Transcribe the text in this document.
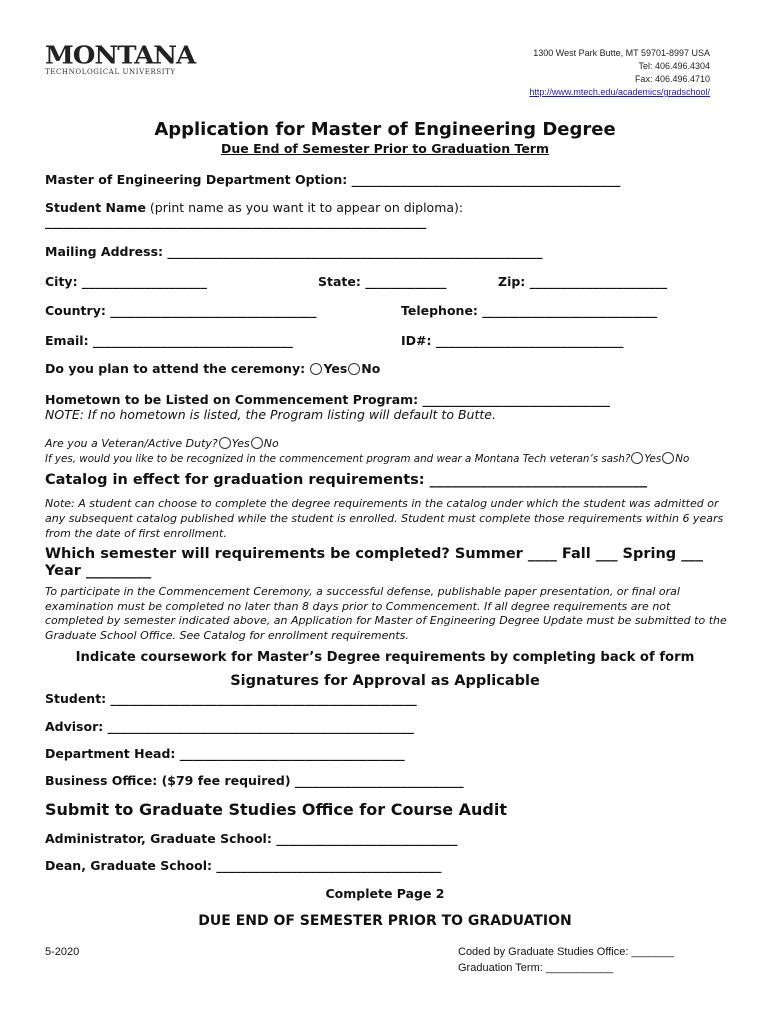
MONTANA
TECHNOLOGICAL UNIVERSITY
1300 West Park Butte, MT 59701-8997 USA
Tel: 406.496.4304
Fax: 406.496.4710
http://www.mtech.edu/academics/gradschool/
Application for Master of Engineering Degree
Due End of Semester Prior to Graduation Term
Master of Engineering Department Option: ___________________________________________
Student Name (print name as you want it to appear on diploma):
_____________________________________________________________
Mailing Address: ____________________________________________________________
City: ____________________	State: _____________	Zip: ______________________
Country: _________________________________	Telephone: ____________________________
Email: ________________________________	ID#: ______________________________
Do you plan to attend the ceremony: Yes No
Hometown to be Listed on Commencement Program: ______________________________
NOTE: If no hometown is listed, the Program listing will default to Butte.
Are you a Veteran/Active Duty? Yes No
If yes, would you like to be recognized in the commencement program and wear a Montana Tech veteran’s sash? Yes No
Catalog in effect for graduation requirements: ______________________________
Note: A student can choose to complete the degree requirements in the catalog under which the student was admitted or any subsequent catalog published while the student is enrolled. Student must complete those requirements within 6 years from the date of first enrollment.
Which semester will requirements be completed? Summer ____ Fall ___ Spring ___
Year _________
To participate in the Commencement Ceremony, a successful defense, publishable paper presentation, or final oral examination must be completed no later than 8 days prior to Commencement. If all degree requirements are not completed by semester indicated above, an Application for Master of Engineering Degree Update must be submitted to the Graduate School Office. See Catalog for enrollment requirements.
Indicate coursework for Master’s Degree requirements by completing back of form
Signatures for Approval as Applicable
Student: _________________________________________________
Advisor: _________________________________________________
Department Head: ____________________________________
Business Office: ($79 fee required) ___________________________
Submit to Graduate Studies Office for Course Audit
Administrator, Graduate School: _____________________________
Dean, Graduate School: ____________________________________
Complete Page 2
DUE END OF SEMESTER PRIOR TO GRADUATION
5-2020	Coded by Graduate Studies Office: _______
Graduation Term: ___________
